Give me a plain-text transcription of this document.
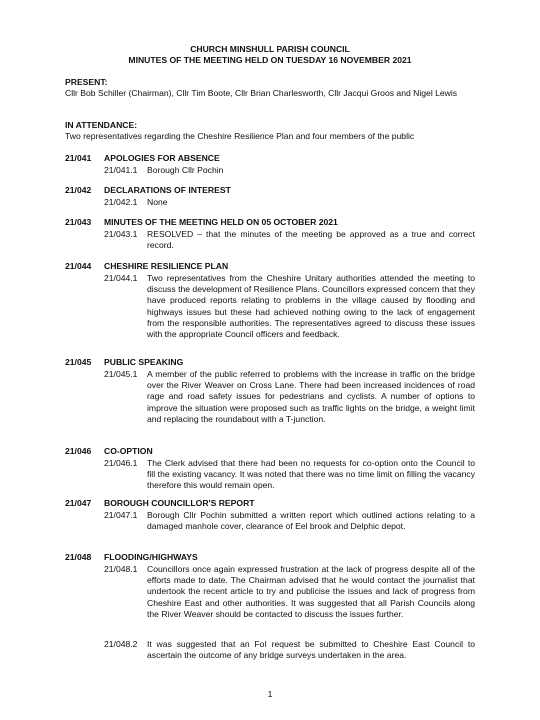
CHURCH MINSHULL PARISH COUNCIL
MINUTES OF THE MEETING HELD ON TUESDAY 16 NOVEMBER 2021
PRESENT:
Cllr Bob Schiller (Chairman), Cllr Tim Boote, Cllr Brian Charlesworth, Cllr Jacqui Groos and Nigel Lewis
IN ATTENDANCE:
Two representatives regarding the Cheshire Resilience Plan and four members of the public
21/041 APOLOGIES FOR ABSENCE
21/041.1 Borough Cllr Pochin
21/042 DECLARATIONS OF INTEREST
21/042.1 None
21/043 MINUTES OF THE MEETING HELD ON 05 OCTOBER 2021
21/043.1 RESOLVED – that the minutes of the meeting be approved as a true and correct record.
21/044 CHESHIRE RESILIENCE PLAN
21/044.1 Two representatives from the Cheshire Unitary authorities attended the meeting to discuss the development of Resilience Plans. Councillors expressed concern that they have produced reports relating to problems in the village caused by flooding and highways issues but these had achieved nothing owing to the lack of engagement from the responsible authorities. The representatives agreed to discuss these issues with the appropriate Council officers and feedback.
21/045 PUBLIC SPEAKING
21/045.1 A member of the public referred to problems with the increase in traffic on the bridge over the River Weaver on Cross Lane. There had been increased incidences of road rage and road safety issues for pedestrians and cyclists. A number of options to improve the situation were proposed such as traffic lights on the bridge, a weight limit and replacing the roundabout with a T-junction.
21/046 CO-OPTION
21/046.1 The Clerk advised that there had been no requests for co-option onto the Council to fill the existing vacancy. It was noted that there was no time limit on filling the vacancy therefore this would remain open.
21/047 BOROUGH COUNCILLOR'S REPORT
21/047.1 Borough Cllr Pochin submitted a written report which outlined actions relating to a damaged manhole cover, clearance of Eel brook and Delphic depot.
21/048 FLOODING/HIGHWAYS
21/048.1 Councillors once again expressed frustration at the lack of progress despite all of the efforts made to date. The Chairman advised that he would contact the journalist that undertook the recent article to try and publicise the issues and lack of progress from Cheshire East and other authorities. It was suggested that all Parish Councils along the River Weaver should be contacted to discuss the issues further.
21/048.2 It was suggested that an FoI request be submitted to Cheshire East Council to ascertain the outcome of any bridge surveys undertaken in the area.
1
